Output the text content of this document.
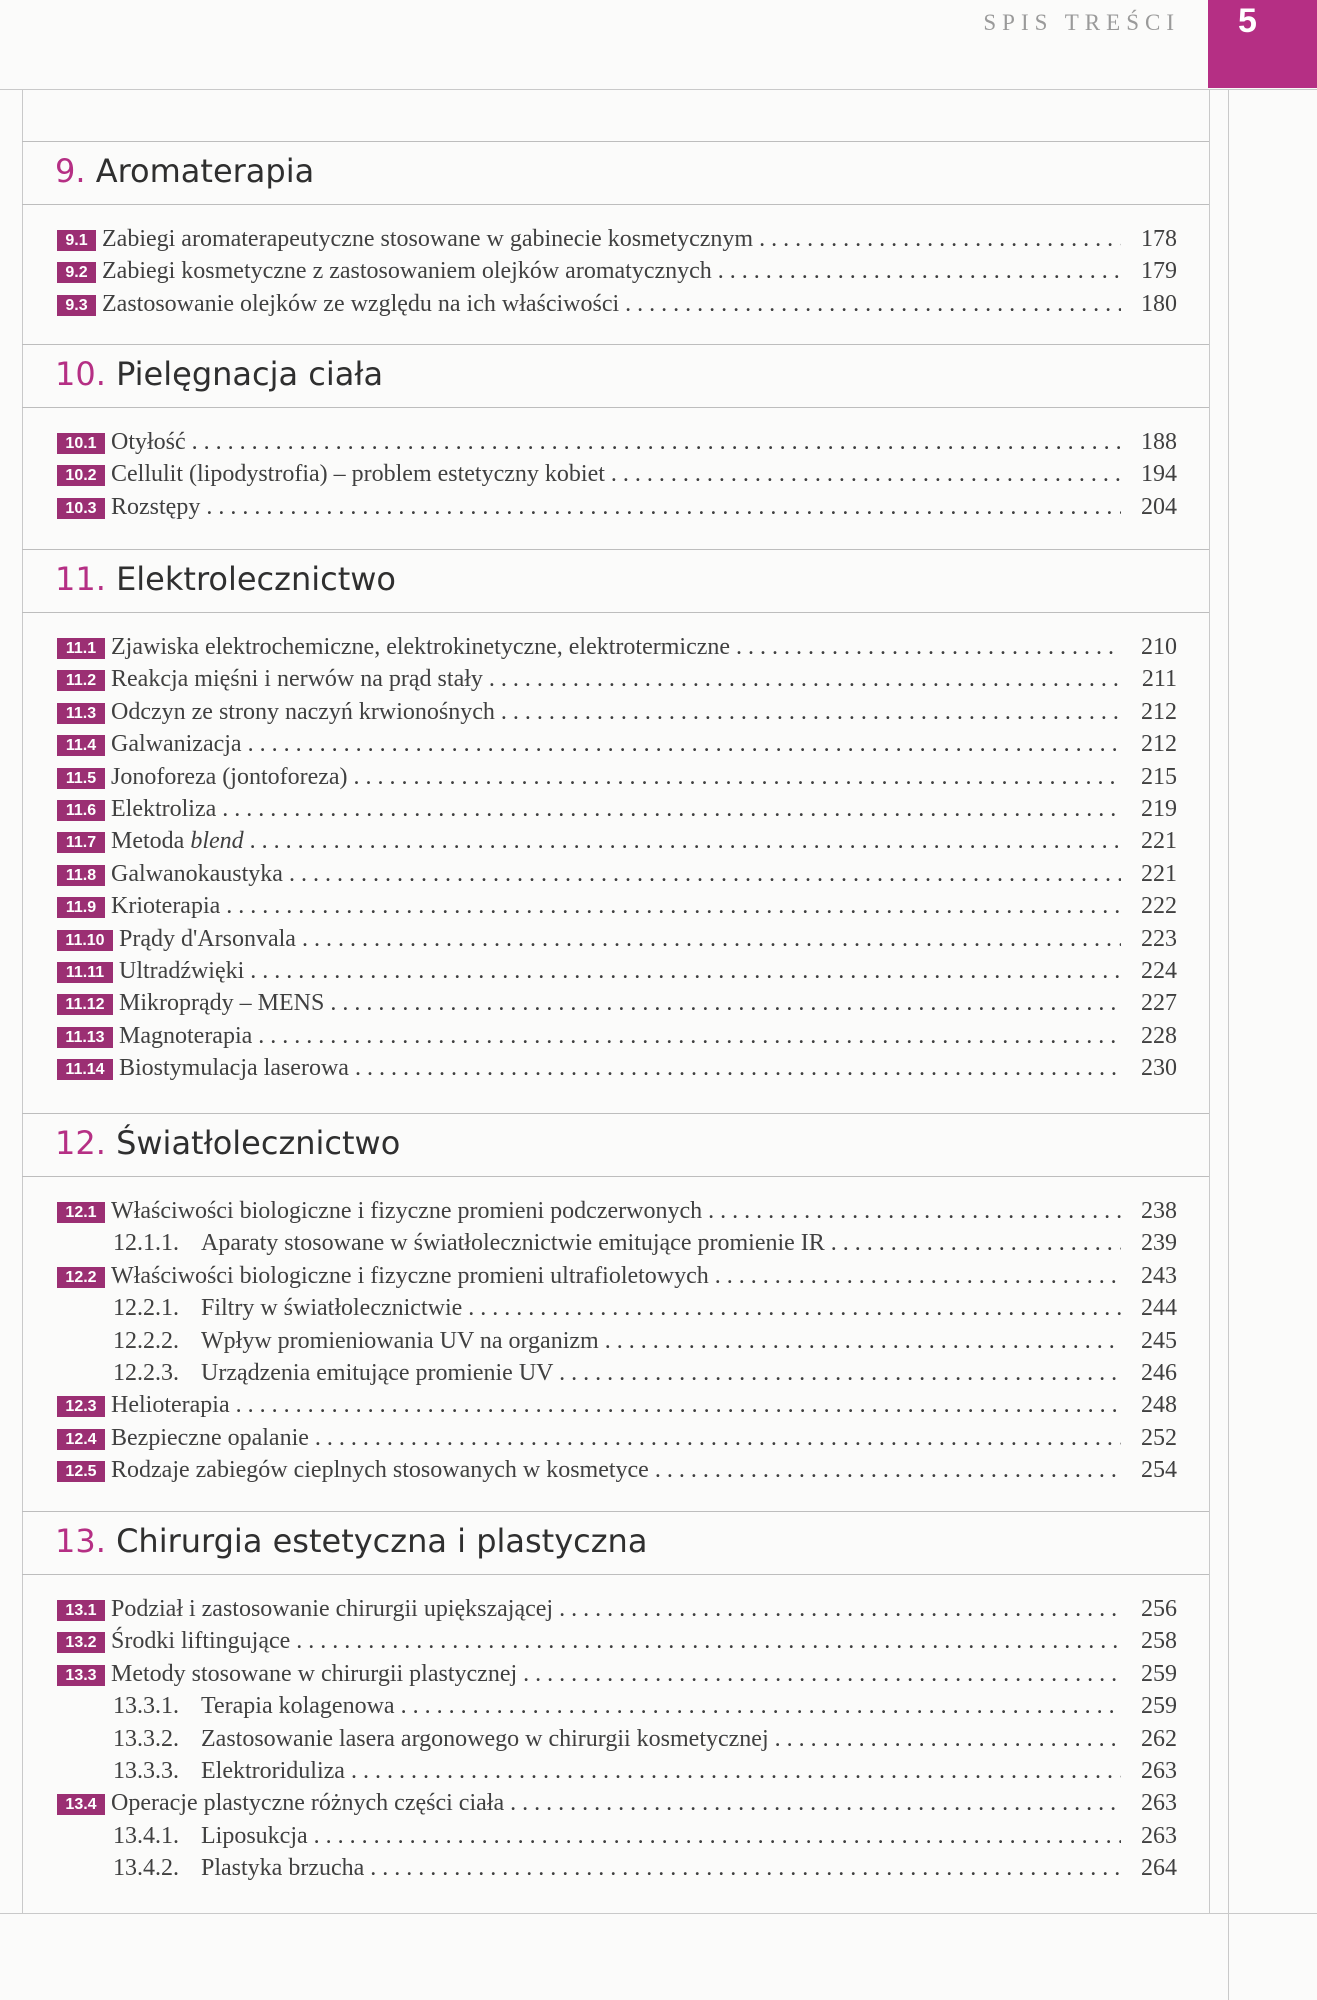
SPIS TREŚCI 5
9. Aromaterapia
9.1 Zabiegi aromaterapeutyczne stosowane w gabinecie kosmetycznym . . .	178
9.2 Zabiegi kosmetyczne z zastosowaniem olejków aromatycznych . . .	179
9.3 Zastosowanie olejków ze względu na ich właściwości . . .	180
10. Pielęgnacja ciała
10.1 Otyłość . . .	188
10.2 Cellulit (lipodystrofia) – problem estetyczny kobiet . . .	194
10.3 Rozstępy . . .	204
11. Elektrolecznictwo
11.1 Zjawiska elektrochemiczne, elektrokinetyczne, elektrotermiczne . . .	210
11.2 Reakcja mięśni i nerwów na prąd stały . . .	211
11.3 Odczyn ze strony naczyń krwionośnych . . .	212
11.4 Galwanizacja . . .	212
11.5 Jonoforeza (jontoforeza) . . .	215
11.6 Elektroliza . . .	219
11.7 Metoda blend . . .	221
11.8 Galwanokaustyka . . .	221
11.9 Krioterapia . . .	222
11.10 Prądy d'Arsonvala . . .	223
11.11 Ultradźwięki . . .	224
11.12 Mikroprądy – MENS . . .	227
11.13 Magnoterapia . . .	228
11.14 Biostymulacja laserowa . . .	230
12. Światłolecznictwo
12.1 Właściwości biologiczne i fizyczne promieni podczerwonych . . .	238
12.1.1. Aparaty stosowane w światłolecznictwie emitujące promienie IR . . .	239
12.2 Właściwości biologiczne i fizyczne promieni ultrafioletowych . . .	243
12.2.1. Filtry w światłolecznictwie . . .	244
12.2.2. Wpływ promieniowania UV na organizm . . .	245
12.2.3. Urządzenia emitujące promienie UV . . .	246
12.3 Helioterapia . . .	248
12.4 Bezpieczne opalanie . . .	252
12.5 Rodzaje zabiegów cieplnych stosowanych w kosmetyce . . .	254
13. Chirurgia estetyczna i plastyczna
13.1 Podział i zastosowanie chirurgii upiększającej . . .	256
13.2 Środki liftingujące . . .	258
13.3 Metody stosowane w chirurgii plastycznej . . .	259
13.3.1. Terapia kolagenowa . . .	259
13.3.2. Zastosowanie lasera argonowego w chirurgii kosmetycznej . . .	262
13.3.3. Elektroriduliza . . .	263
13.4 Operacje plastyczne różnych części ciała . . .	263
13.4.1. Liposukcja . . .	263
13.4.2. Plastyka brzucha . . .	264
